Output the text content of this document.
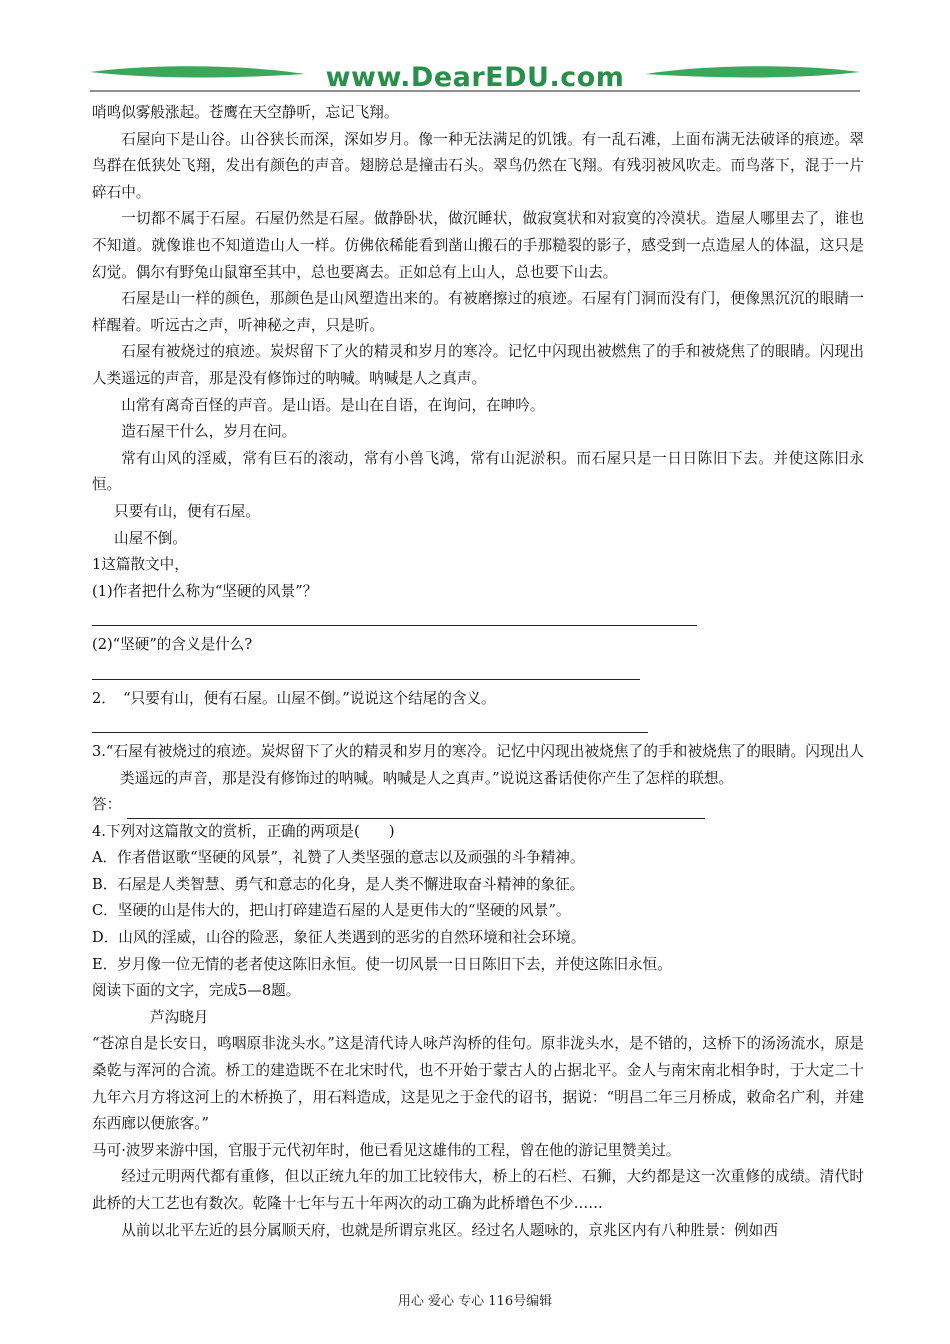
www.DearEDU.com

哨鸣似雾般涨起。苍鹰在天空静听，忘记飞翔。

石屋向下是山谷。山谷狭长而深，深如岁月。像一种无法满足的饥饿。有一乱石滩，上面布满无法破译的痕迹。翠鸟群在低狭处飞翔，发出有颜色的声音。翅膀总是撞击石头。翠鸟仍然在飞翔。有残羽被风吹走。而鸟落下，混于一片碎石中。

一切都不属于石屋。石屋仍然是石屋。做静卧状，做沉睡状，做寂寞状和对寂寞的冷漠状。造屋人哪里去了，谁也不知道。就像谁也不知道造山人一样。仿佛依稀能看到凿山搬石的手那糙裂的影子，感受到一点造屋人的体温，这只是幻觉。偶尔有野兔山鼠窜至其中，总也要离去。正如总有上山人，总也要下山去。

石屋是山一样的颜色，那颜色是山风塑造出来的。有被磨擦过的痕迹。石屋有门洞而没有门，便像黑沉沉的眼睛一样醒着。听远古之声，听神秘之声，只是听。

石屋有被烧过的痕迹。炭烬留下了火的精灵和岁月的寒冷。记忆中闪现出被燃焦了的手和被烧焦了的眼睛。闪现出人类遥远的声音，那是没有修饰过的呐喊。呐喊是人之真声。

山常有离奇百怪的声音。是山语。是山在自语，在询问，在呻吟。

造石屋干什么，岁月在问。

常有山风的淫威，常有巨石的滚动，常有小兽飞鸿，常有山泥淤积。而石屋只是一日日陈旧下去。并使这陈旧永恒。

只要有山，便有石屋。

山屋不倒。

1这篇散文中，

(1)作者把什么称为“坚硬的风景”？

(2)“坚硬”的含义是什么?

2．　“只要有山，便有石屋。山屋不倒。”说说这个结尾的含义。

3.“石屋有被烧过的痕迹。炭烬留下了火的精灵和岁月的寒冷。记忆中闪现出被烧焦了的手和被烧焦了的眼睛。闪现出人类遥远的声音，那是没有修饰过的呐喊。呐喊是人之真声。”说说这番话使你产生了怎样的联想。

答：

4.下列对这篇散文的赏析，正确的两项是(　　)

A．作者借讴歌“坚硬的风景”，礼赞了人类坚强的意志以及顽强的斗争精神。

B．石屋是人类智慧、勇气和意志的化身，是人类不懈进取奋斗精神的象征。

C．坚硬的山是伟大的，把山打碎建造石屋的人是更伟大的“坚硬的风景”。

D．山风的淫威，山谷的险恶，象征人类遇到的恶劣的自然环境和社会环境。

E．岁月像一位无情的老者使这陈旧永恒。使一切风景一日日陈旧下去，并使这陈旧永恒。

阅读下面的文字，完成5—8题。

芦沟晓月

“苍凉自是长安日，鸣咽原非泷头水。”这是清代诗人咏芦沟桥的佳句。原非泷头水，是不错的，这桥下的汤汤流水，原是桑乾与浑河的合流。桥工的建造既不在北宋时代，也不开始于蒙古人的占据北平。金人与南宋南北相争时，于大定二十九年六月方将这河上的木桥换了，用石料造成，这是见之于金代的诏书，据说：“明昌二年三月桥成，敕命名广利，并建东西廊以便旅客。”

马可·波罗来游中国，官服于元代初年时，他已看见这雄伟的工程，曾在他的游记里赞美过。

经过元明两代都有重修，但以正统九年的加工比较伟大，桥上的石栏、石狮，大约都是这一次重修的成绩。清代时此桥的大工艺也有数次。乾隆十七年与五十年两次的动工确为此桥增色不少……

从前以北平左近的县分属顺天府，也就是所谓京兆区。经过名人题咏的，京兆区内有八种胜景：例如西

用心 爱心 专心 116号编辑
